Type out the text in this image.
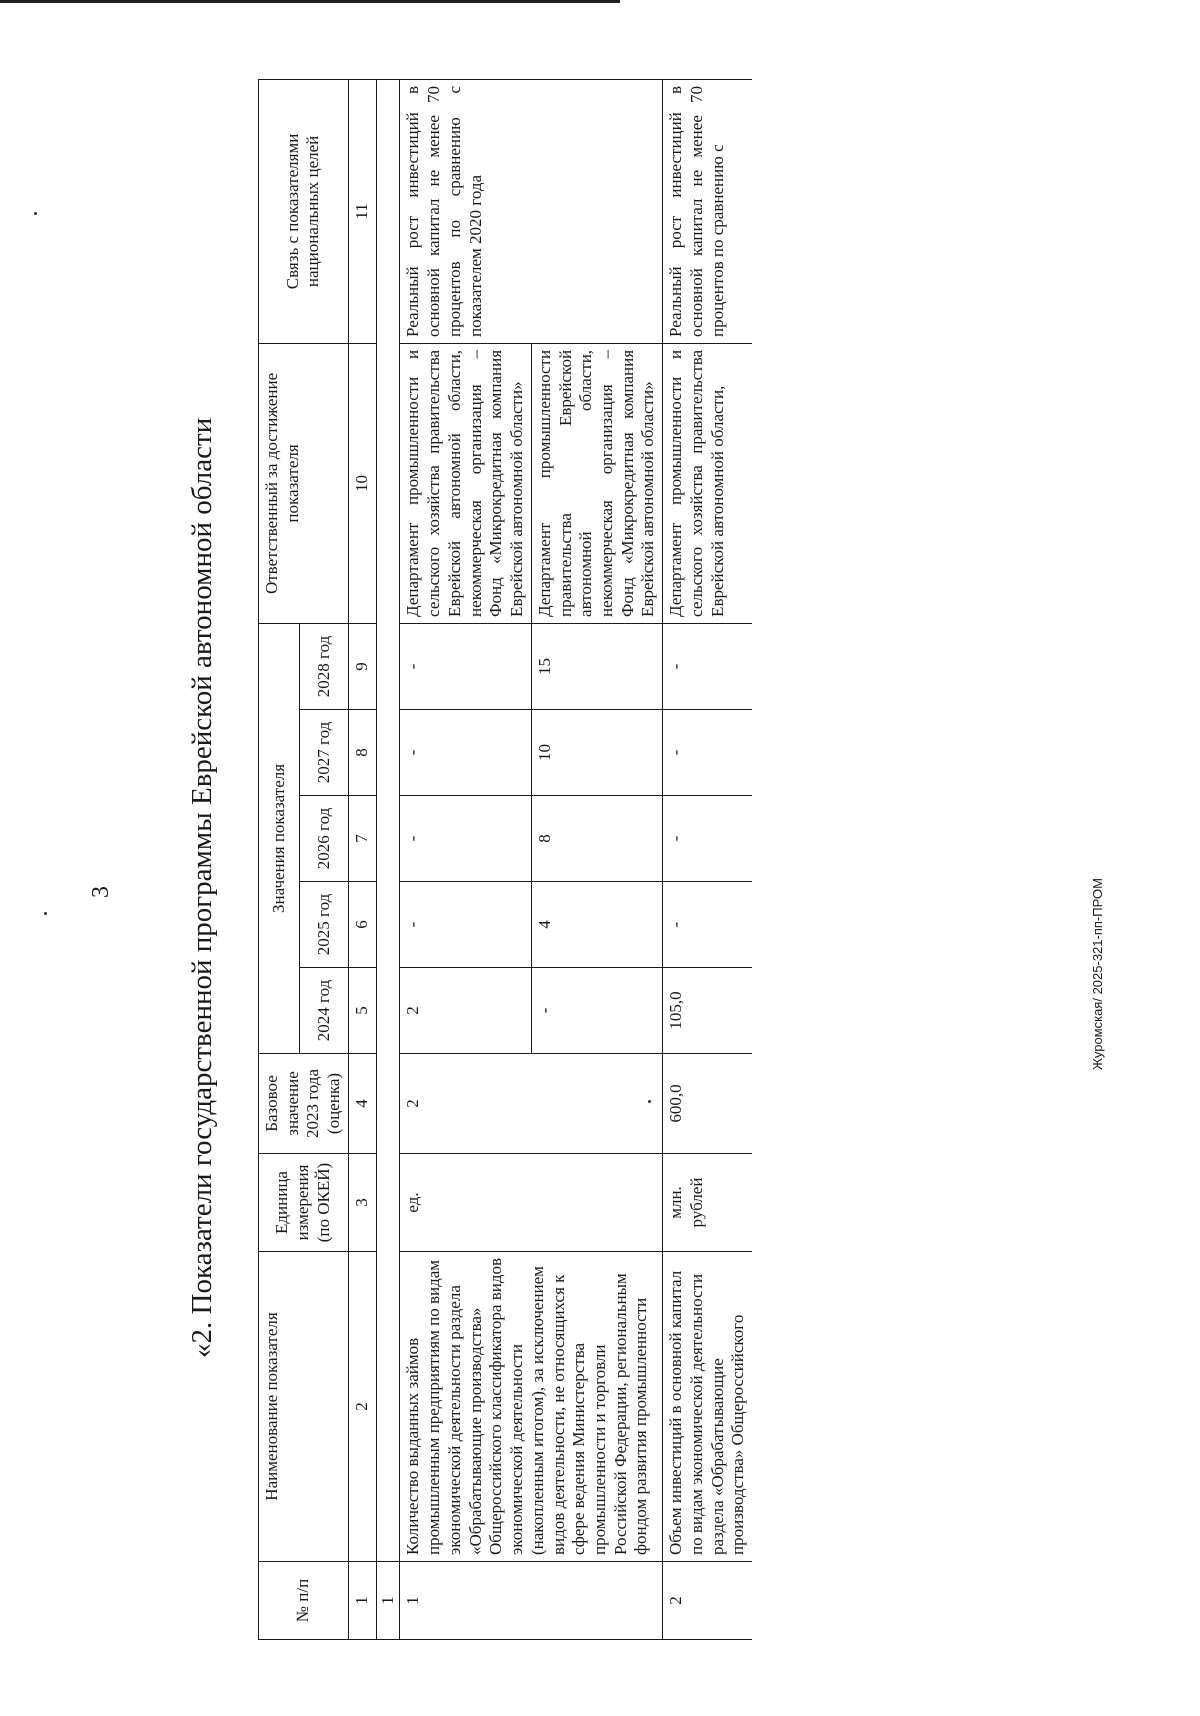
3 «2. Показатели государственной программы Еврейской автономной области
№ п/п	Наименование показателя	Единица измерения (по ОКЕЙ)	Базовое значение 2023 года (оценка)	Значения показателя					Ответственный за достижение показателя	Связь с показателями национальных целей
				2024 год	2025 год	2026 год	2027 год	2028 год		
1	2	3	4	5	6	7	8	9	10	11
1										
1	Количество выданных займов промышленным предприятиям по видам экономической деятельности раздела «Обрабатывающие производства» Общероссийского классификатора видов экономической деятельности (накопленным итогом), за исключением видов деятельности, не относящихся к сфере ведения Министерства промышленности и торговли Российской Федерации, региональным фондом развития промышленности	ед.	2	2	-	-	-	-	Департамент промышленности и сельского хозяйства правительства Еврейской автономной области, некоммерческая организация – Фонд «Микрокредитная компания Еврейской автономной области»	Реальный рост инвестиций в основной капитал не менее 70 процентов по сравнению с показателем 2020 года
				-	4	8	10	15	Департамент промышленности правительства Еврейской автономной области, некоммерческая организация – Фонд «Микрокредитная компания Еврейской автономной области»	
2	Объем инвестиций в основной капитал по видам экономической деятельности раздела «Обрабатывающие производства» Общероссийского	млн. рублей	600,0	105,0	-	-	-	-	Департамент промышленности и сельского хозяйства правительства Еврейской автономной области,	Реальный рост инвестиций в основной капитал не менее 70 процентов по сравнению с
Журомская/ 2025-321-пп-ПРОМ
